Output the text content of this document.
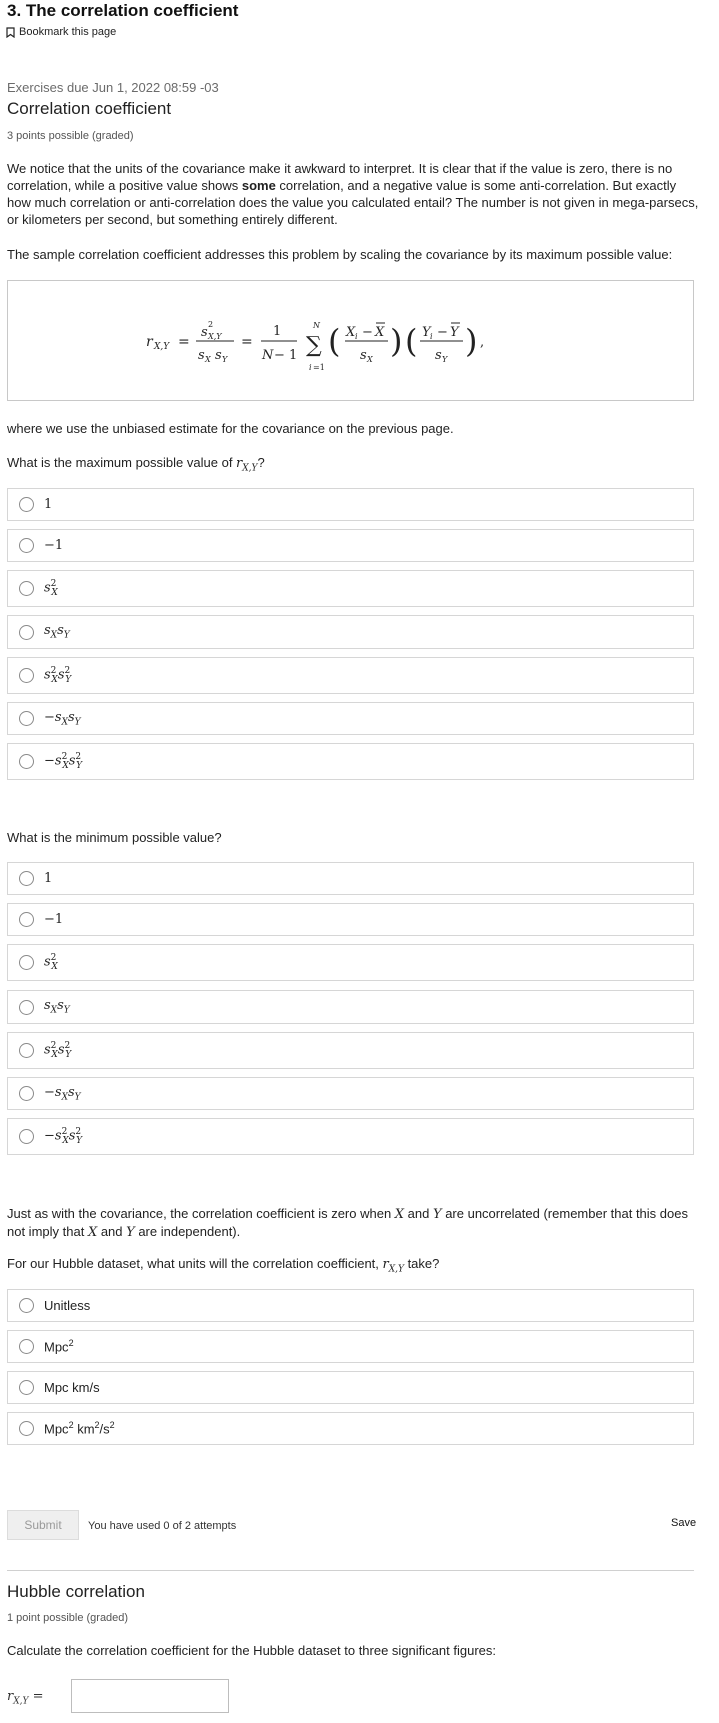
3. The correlation coefficient
Bookmark this page
Exercises due Jun 1, 2022 08:59 -03
Correlation coefficient
3 points possible (graded)

We notice that the units of the covariance make it awkward to interpret. It is clear that if the value is zero, there is no

correlation, while a positive value shows some correlation, and a negative value is some anti-correlation. But exactly

how much correlation or anti-correlation does the value you calculated entail? The number is not given in mega-parsecs,

or kilometers per second, but something entirely different.

The sample correlation coefficient addresses this problem by scaling the covariance by its maximum possible value:

r X,Y =
s
2
X,Y
s X s Y
=
1
N − 1
N
∑
i =1
( X i − X
s X ) ( Y i − Y
s Y ) ,

where we use the unbiased estimate for the covariance on the previous page.

What is the maximum possible value of $r_{X,Y}$?

1
−1
$s^2_X$
$s_Xs_Y$
$s^2_Xs^2_Y$
$-s_Xs_Y$
$-s^2_Xs^2_Y$

What is the minimum possible value?

1
−1
$s^2_X$
$s_Xs_Y$
$s^2_Xs^2_Y$
$-s_Xs_Y$
$-s^2_Xs^2_Y$

Just as with the covariance, the correlation coefficient is zero when X and Y are uncorrelated (remember that this does

not imply that X and Y are independent).

For our Hubble dataset, what units will the correlation coefficient, $r_{X,Y}$ take?

Unitless
Mpc$^2$
Mpc km/s
Mpc$^2$ $km^2/s^2$
Submit	You have used 0 of 2 attempts	Save
Hubble correlation
1 point possible (graded)

Calculate the correlation coefficient for the Hubble dataset to three significant figures:

$r_{X,Y}$ =
